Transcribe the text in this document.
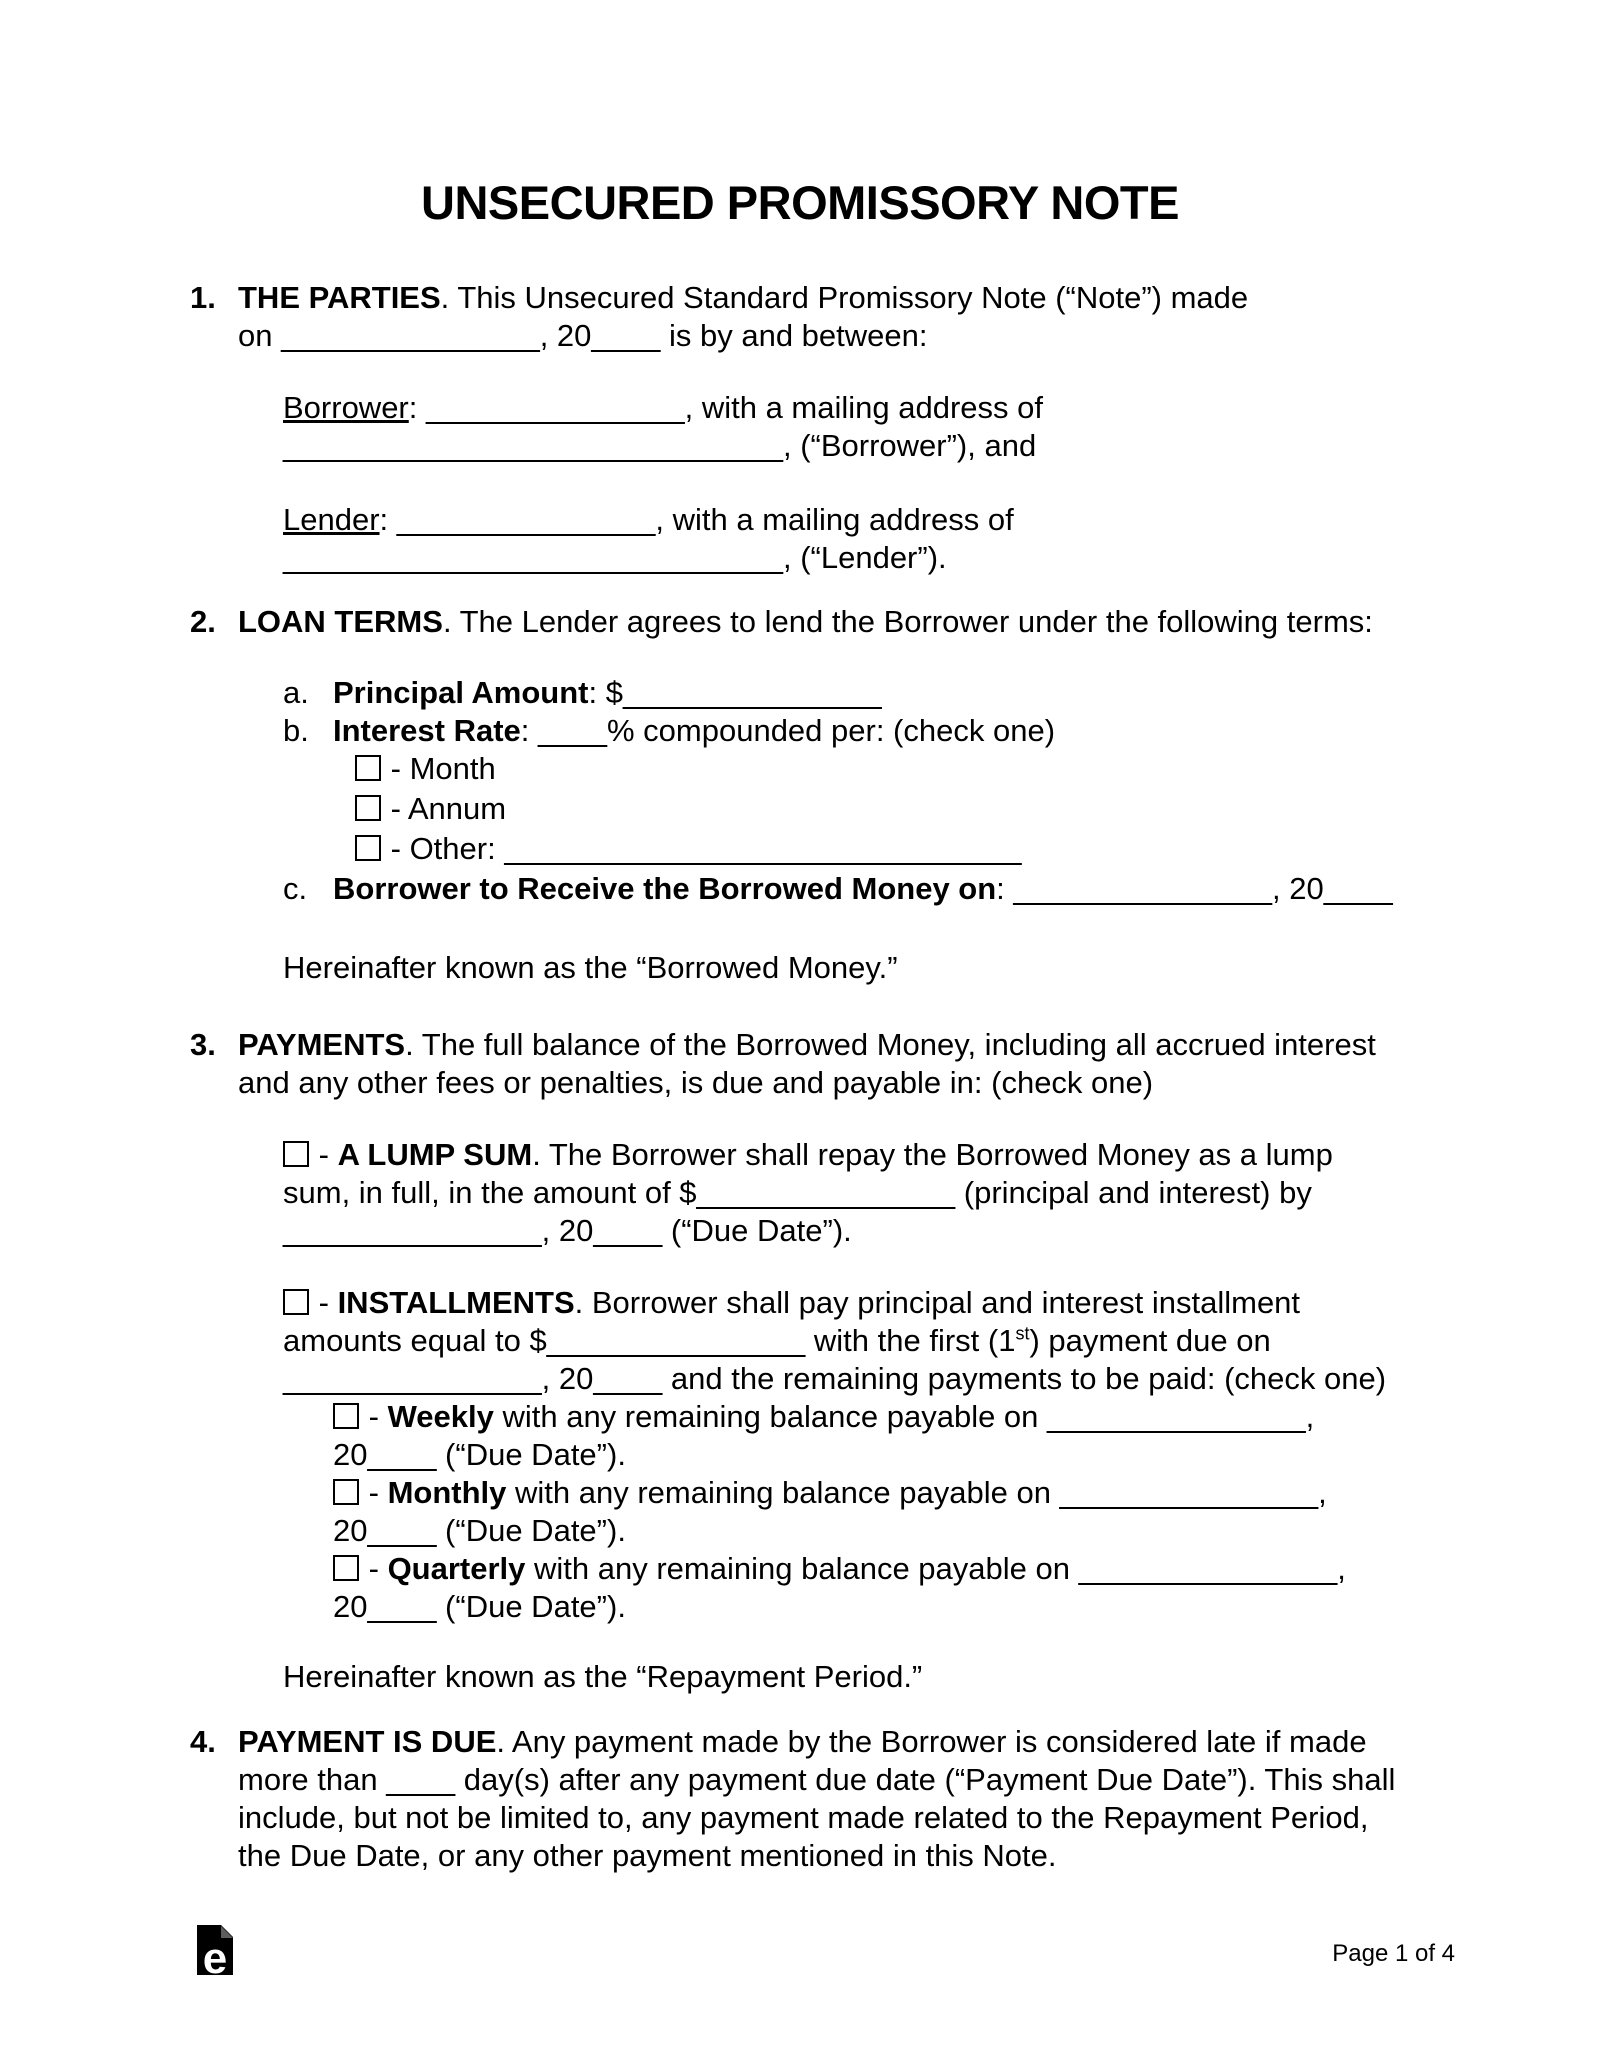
UNSECURED PROMISSORY NOTE
1. THE PARTIES. This Unsecured Standard Promissory Note (“Note”) made
on _______________, 20____ is by and between:
Borrower: _______________, with a mailing address of
_____________________________, (“Borrower”), and
Lender: _______________, with a mailing address of
_____________________________, (“Lender”).
2. LOAN TERMS. The Lender agrees to lend the Borrower under the following terms:
a. Principal Amount: $_______________
b. Interest Rate: ____% compounded per: (check one)
- Month
- Annum
- Other: ______________________________
c. Borrower to Receive the Borrowed Money on: _______________, 20____
Hereinafter known as the “Borrowed Money.”
3. PAYMENTS. The full balance of the Borrowed Money, including all accrued interest
and any other fees or penalties, is due and payable in: (check one)
- A LUMP SUM. The Borrower shall repay the Borrowed Money as a lump
sum, in full, in the amount of $_______________ (principal and interest) by
_______________, 20____ (“Due Date”).
- INSTALLMENTS. Borrower shall pay principal and interest installment
amounts equal to $_______________ with the first (1st) payment due on
_______________, 20____ and the remaining payments to be paid: (check one)
- Weekly with any remaining balance payable on _______________,
20____ (“Due Date”).
- Monthly with any remaining balance payable on _______________,
20____ (“Due Date”).
- Quarterly with any remaining balance payable on _______________,
20____ (“Due Date”).
Hereinafter known as the “Repayment Period.”
4. PAYMENT IS DUE. Any payment made by the Borrower is considered late if made
more than ____ day(s) after any payment due date (“Payment Due Date”). This shall
include, but not be limited to, any payment made related to the Repayment Period,
the Due Date, or any other payment mentioned in this Note.
e	Page 1 of 4
